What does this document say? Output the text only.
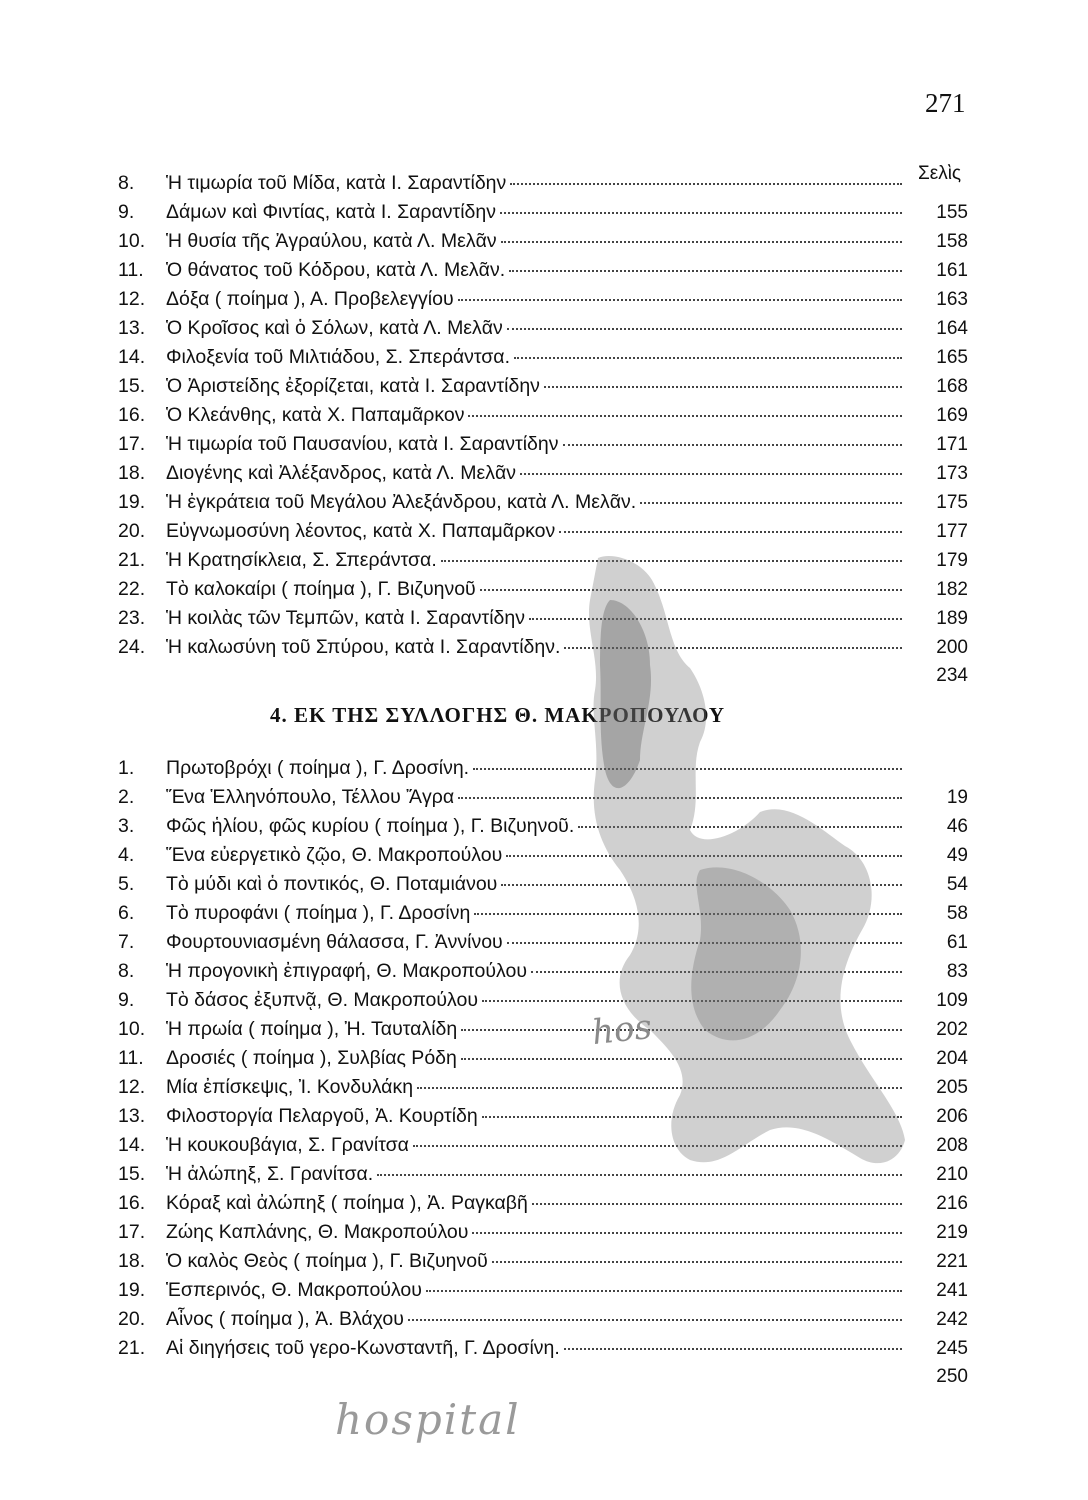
271
Σελὶς
8.	Ἡ τιμωρία τοῦ Μίδα, κατὰ Ι. Σαραντίδην
9.	Δάμων καὶ Φιντίας, κατὰ Ι. Σαραντίδην	155
10.	Ἡ θυσία τῆς Ἀγραύλου, κατὰ Λ. Μελᾶν	158
11.	Ὁ θάνατος τοῦ Κόδρου, κατὰ Λ. Μελᾶν.	161
12.	Δόξα ( ποίημα ), Α. Προβελεγγίου	163
13.	Ὁ Κροῖσος καὶ ὁ Σόλων, κατὰ Λ. Μελᾶν	164
14.	Φιλοξενία τοῦ Μιλτιάδου, Σ. Σπεράντσα.	165
15.	Ὁ Ἀριστείδης ἐξορίζεται, κατὰ Ι. Σαραντίδην	168
16.	Ὁ Κλεάνθης, κατὰ Χ. Παπαμᾶρκον	169
17.	Ἡ τιμωρία τοῦ Παυσανίου, κατὰ Ι. Σαραντίδην	171
18.	Διογένης καὶ Ἀλέξανδρος, κατὰ Λ. Μελᾶν	173
19.	Ἡ ἐγκράτεια τοῦ Μεγάλου Ἀλεξάνδρου, κατὰ Λ. Μελᾶν.	175
20.	Εὐγνωμοσύνη λέοντος, κατὰ Χ. Παπαμᾶρκον	177
21.	Ἡ Κρατησίκλεια, Σ. Σπεράντσα.	179
22.	Τὸ καλοκαίρι ( ποίημα ), Γ. Βιζυηνοῦ	182
23.	Ἡ κοιλὰς τῶν Τεμπῶν, κατὰ Ι. Σαραντίδην	189
24.	Ἡ καλωσύνη τοῦ Σπύρου, κατὰ Ι. Σαραντίδην.	200
234
4. ΕΚ ΤΗΣ ΣΥΛΛΟΓΗΣ Θ. ΜΑΚΡΟΠΟΥΛΟΥ
1.	Πρωτοβρόχι ( ποίημα ), Γ. Δροσίνη.
2.	Ἕνα Ἑλληνόπουλο, Τέλλου Ἄγρα	19
3.	Φῶς ἡλίου, φῶς κυρίου ( ποίημα ), Γ. Βιζυηνοῦ.	46
4.	Ἕνα εὐεργετικὸ ζῷο, Θ. Μακροπούλου	49
5.	Τὸ μύδι καὶ ὁ ποντικός, Θ. Ποταμιάνου	54
6.	Τὸ πυροφάνι ( ποίημα ), Γ. Δροσίνη	58
7.	Φουρτουνιασμένη θάλασσα, Γ. Ἀννίνου	61
8.	Ἡ προγονικὴ ἐπιγραφή, Θ. Μακροπούλου	83
9.	Τὸ δάσος ἐξυπνᾷ, Θ. Μακροπούλου	109
10.	Ἡ πρωία ( ποίημα ), Ἠ. Ταυταλίδη	202
11.	Δροσιές ( ποίημα ), Συλβίας Ρόδη	204
12.	Μία ἐπίσκεψις, Ἰ. Κονδυλάκη	205
13.	Φιλοστοργία Πελαργοῦ, Ἀ. Κουρτίδη	206
14.	Ἡ κουκουβάγια, Σ. Γρανίτσα	208
15.	Ἡ ἀλώπηξ, Σ. Γρανίτσα.	210
16.	Κόραξ καὶ ἀλώπηξ ( ποίημα ), Ἀ. Ραγκαβῆ	216
17.	Ζώης Καπλάνης, Θ. Μακροπούλου	219
18.	Ὁ καλὸς Θεὸς ( ποίημα ), Γ. Βιζυηνοῦ	221
19.	Ἑσπερινός, Θ. Μακροπούλου	241
20.	Αἶνος ( ποίημα ), Ἀ. Βλάχου	242
21.	Αἱ διηγήσεις τοῦ γερο-Κωνσταντῆ, Γ. Δροσίνη.	245
250
hos
hospital
